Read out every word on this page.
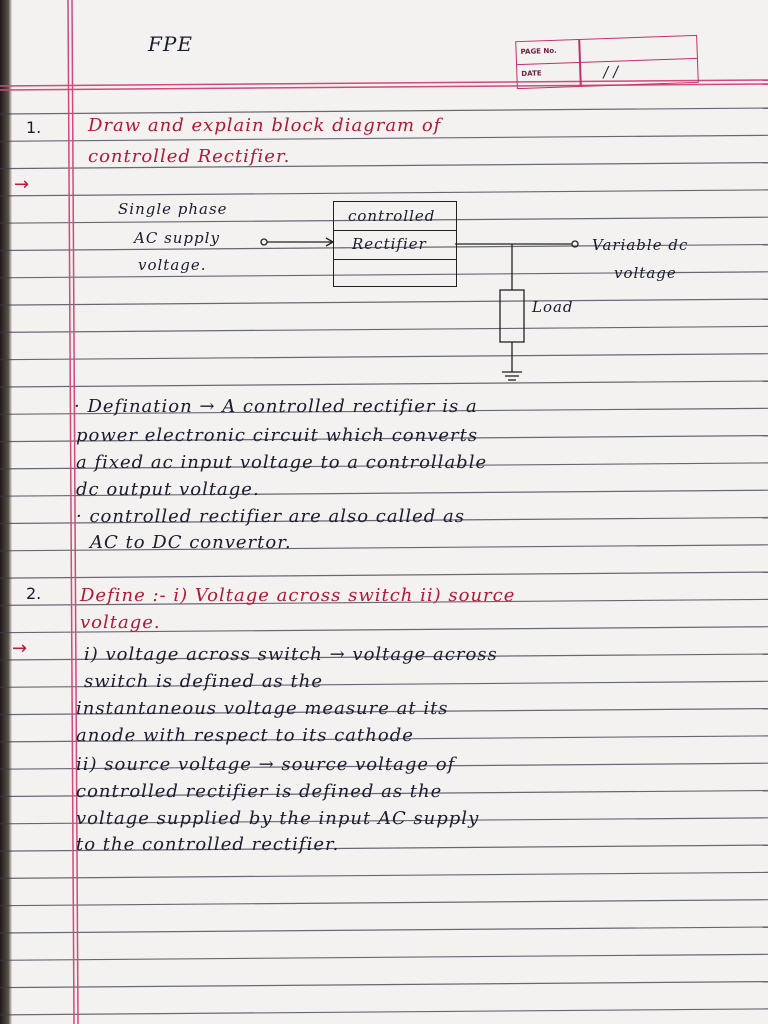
FPE	PAGE No.
DATE	/ /
1.	Draw and explain block diagram of
controlled Rectifier.
→
Single phase
AC supply
voltage.
controlled
Rectifier	Variable dc
voltage
Load
· Defination → A controlled rectifier is a
power electronic circuit which converts
a fixed ac input voltage to a controllable
dc output voltage.
· controlled rectifier are also called as
AC to DC convertor.
2. Define :- i) Voltage across switch ii) source
voltage.
→	i) voltage across switch → voltage across
switch is defined as the
instantaneous voltage measure at its
anode with respect to its cathode
ii) source voltage → source voltage of
controlled rectifier is defined as the
voltage supplied by the input AC supply
to the controlled rectifier.
